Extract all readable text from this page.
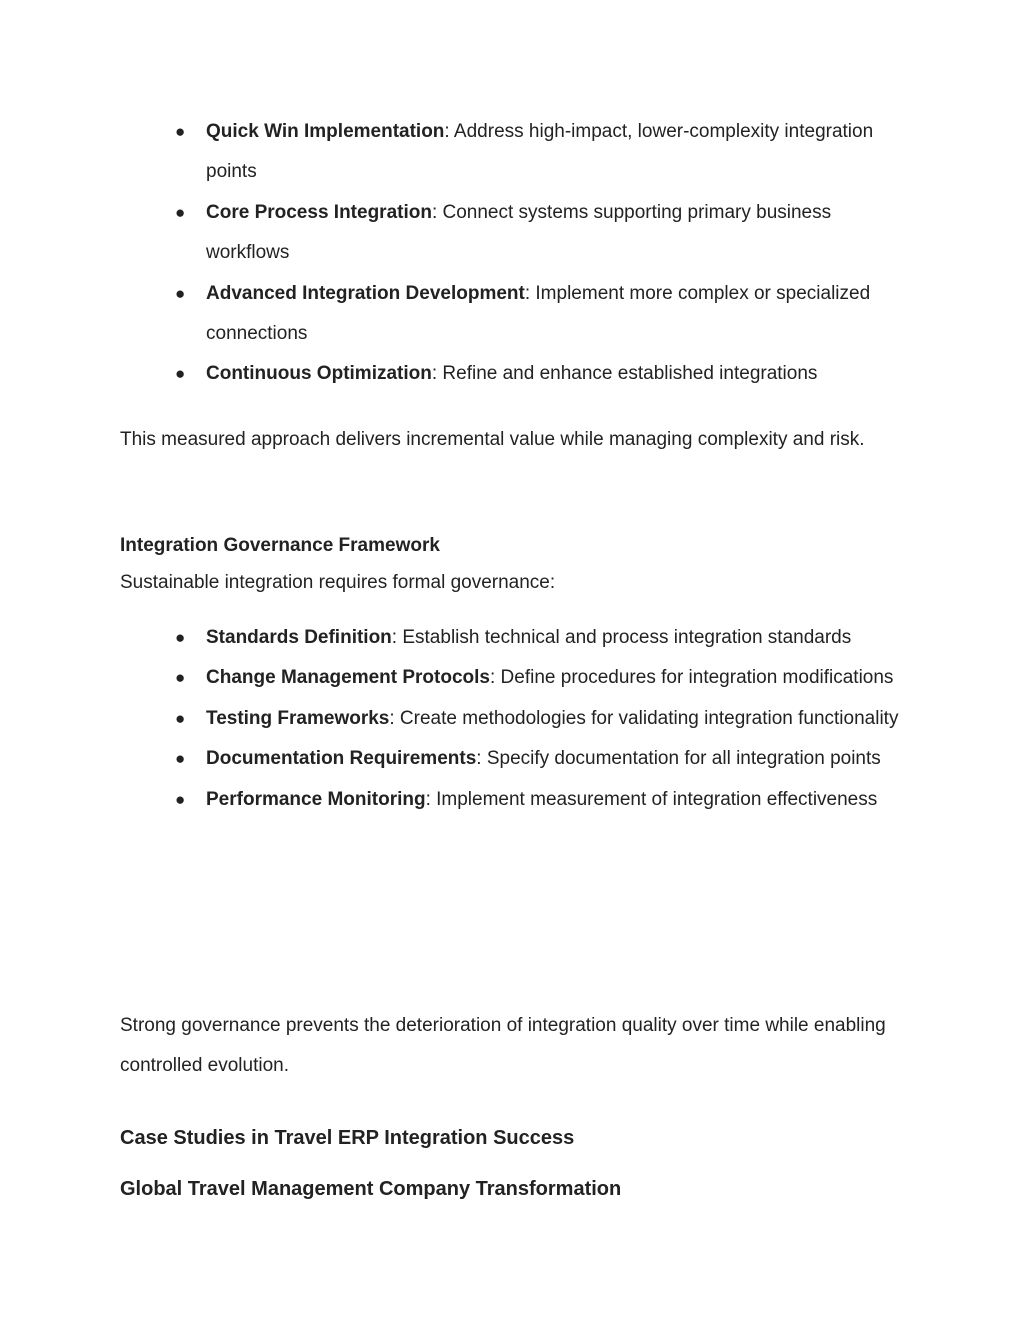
● Quick Win Implementation: Address high-impact, lower-complexity integration points
● Core Process Integration: Connect systems supporting primary business workflows
● Advanced Integration Development: Implement more complex or specialized connections
● Continuous Optimization: Refine and enhance established integrations

This measured approach delivers incremental value while managing complexity and risk.

Integration Governance Framework

Sustainable integration requires formal governance:

● Standards Definition: Establish technical and process integration standards
● Change Management Protocols: Define procedures for integration modifications
● Testing Frameworks: Create methodologies for validating integration functionality
● Documentation Requirements: Specify documentation for all integration points
● Performance Monitoring: Implement measurement of integration effectiveness

Strong governance prevents the deterioration of integration quality over time while enabling controlled evolution.

Case Studies in Travel ERP Integration Success
Global Travel Management Company Transformation
